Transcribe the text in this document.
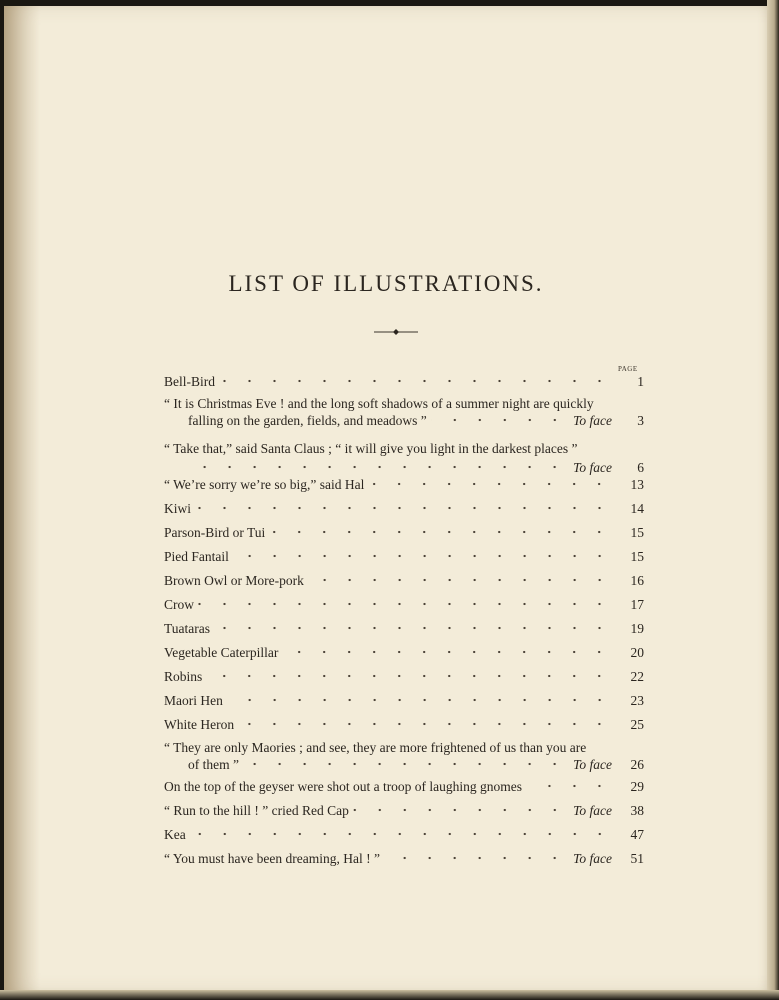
LIST OF ILLUSTRATIONS.
PAGE
Bell-Bird	1
“ It is Christmas Eve ! and the long soft shadows of a summer night are quickly
falling on the garden, fields, and meadows ”	To face	3
“ Take that,” said Santa Claus ; “ it will give you light in the darkest places ”
To face	6
“ We’re sorry we’re so big,” said Hal	13
Kiwi	14
Parson-Bird or Tui	15
Pied Fantail	15
Brown Owl or More-pork	16
Crow	17
Tuataras	19
Vegetable Caterpillar	20
Robins	22
Maori Hen	23
White Heron	25
“ They are only Maories ; and see, they are more frightened of us than you are
of them ”	To face	26
On the top of the geyser were shot out a troop of laughing gnomes	29
“ Run to the hill ! ” cried Red Cap	To face	38
Kea	47
“ You must have been dreaming, Hal ! ”	To face	51
